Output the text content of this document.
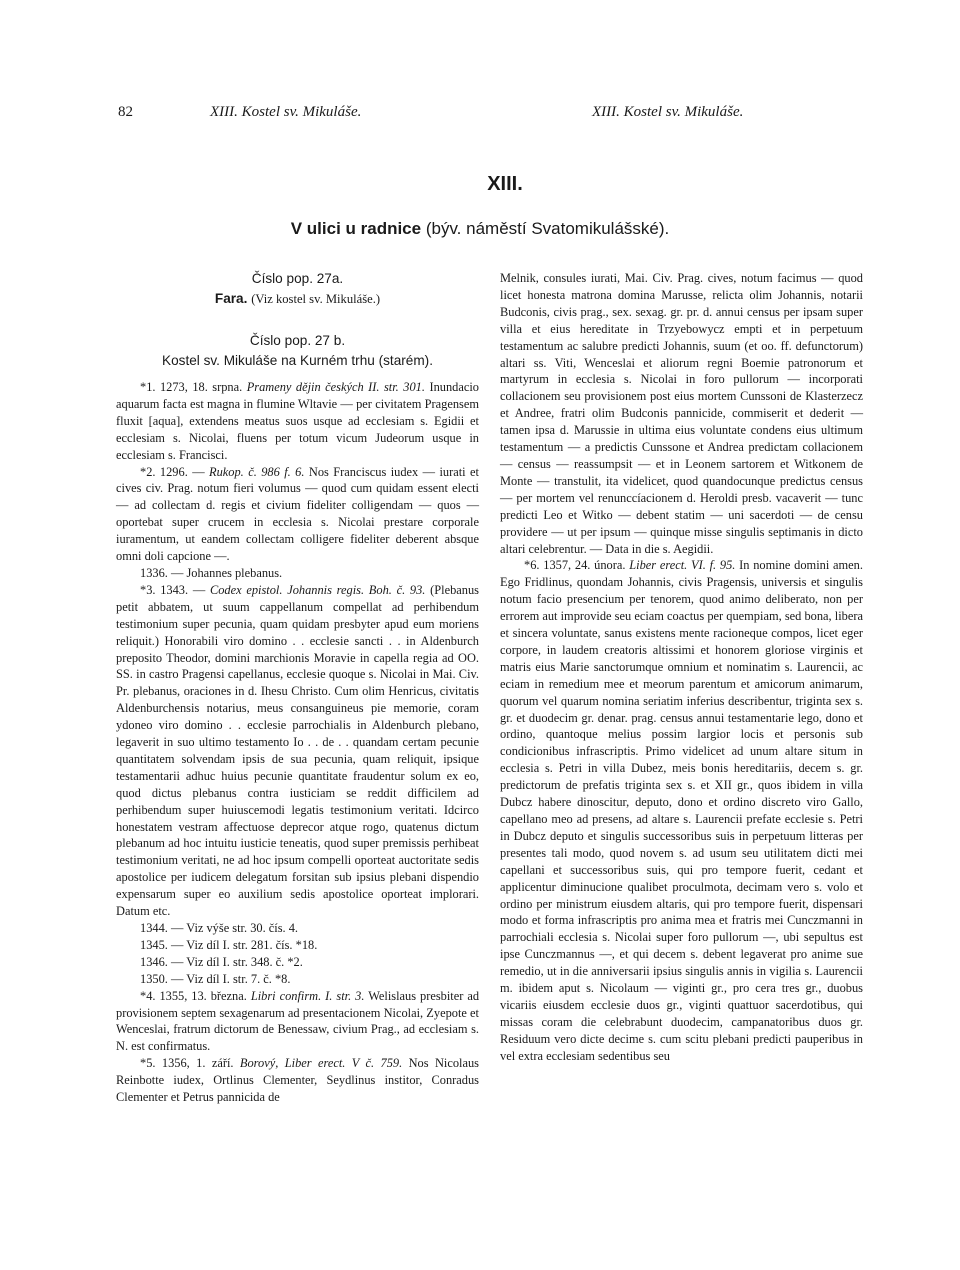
82	XIII. Kostel sv. Mikuláše.	XIII. Kostel sv. Mikuláše.
XIII.
V ulici u radnice (býv. náměstí Svatomikulášské).
Číslo pop. 27a.
Fara. (Viz kostel sv. Mikuláše.)
Číslo pop. 27 b.
Kostel sv. Mikuláše na Kurném trhu (starém).

*1. 1273, 18. srpna. Prameny dějin českých II. str. 301. Inundacio aquarum facta est magna in flumine Wltavie — per civitatem Pragensem fluxit [aqua], extendens meatus suos usque ad ecclesiam s. Egidii et ecclesiam s. Nicolai, fluens per totum vicum Judeorum usque in ecclesiam s. Francisci.

*2. 1296. — Rukop. č. 986 f. 6. Nos Franciscus iudex — iurati et cives civ. Prag. notum fieri volumus — quod cum quidam essent electi — ad collectam d. regis et civium fideliter colligendam — quos — oportebat super crucem in ecclesia s. Nicolai prestare corporale iuramentum, ut eandem collectam colligere fideliter deberent absque omni doli capcione —.

1336. — Johannes plebanus.

*3. 1343. — Codex epistol. Johannis regis. Boh. č. 93. (Plebanus petit abbatem, ut suum cappellanum compellat ad perhibendum testimonium super pecunia, quam quidam presbyter apud eum moriens reliquit.) Honorabili viro domino . . ecclesie sancti . . in Aldenburch preposito Theodor, domini marchionis Moravie in capella regia ad OO. SS. in castro Pragensi capellanus, ecclesie quoque s. Nicolai in Mai. Civ. Pr. plebanus, oraciones in d. Ihesu Christo. Cum olim Henricus, civitatis Aldenburchensis notarius, meus consanguineus pie memorie, coram ydoneo viro domino . . ecclesie parrochialis in Aldenburch plebano, legaverit in suo ultimo testamento Io . . de . . quandam certam pecunie quantitatem solvendam ipsis de sua pecunia, quam reliquit, ipsique testamentarii adhuc huius pecunie quantitate fraudentur solum ex eo, quod dictus plebanus contra iusticiam se reddit difficilem ad perhibendum super huiuscemodi legatis testimonium veritati. Idcirco honestatem vestram affectuose deprecor atque rogo, quatenus dictum plebanum ad hoc intuitu iusticie teneatis, quod super premissis perhibeat testimonium veritati, ne ad hoc ipsum compelli oporteat auctoritate sedis apostolice per iudicem delegatum forsitan sub ipsius plebani dispendio expensarum super eo auxilium sedis apostolice oporteat implorari. Datum etc.

1344. — Viz výše str. 30. čís. 4.
1345. — Viz díl I. str. 281. čís. *18.
1346. — Viz díl I. str. 348. č. *2.
1350. — Viz díl I. str. 7. č. *8.

*4. 1355, 13. března. Libri confirm. I. str. 3. Welislaus presbiter ad provisionem septem sexagenarum ad presentacionem Nicolai, Zyepote et Wenceslai, fratrum dictorum de Benessaw, civium Prag., ad ecclesiam s. N. est confirmatus.

*5. 1356, 1. září. Borový, Liber erect. V č. 759. Nos Nicolaus Reinbotte iudex, Ortlinus Clementer, Seydlinus institor, Conradus Clementer et Petrus pannicida de

Melnik, consules iurati, Mai. Civ. Prag. cives, notum facimus — quod licet honesta matrona domina Marusse, relicta olim Johannis, notarii Budconis, civis prag., sex. sexag. gr. pr. d. annui census per ipsam super villa et eius hereditate in Trzyebowycz empti et in perpetuum testamentum ac salubre predicti Johannis, suum (et oo. ff. defunctorum) altari ss. Viti, Wenceslai et aliorum regni Boemie patronorum et martyrum in ecclesia s. Nicolai in foro pullorum — incorporati collacionem seu provisionem post eius mortem Cunssoni de Klasterzecz et Andree, fratri olim Budconis pannicide, commiserit et dederit — tamen ipsa d. Marussie in ultima eius voluntate condens eius ultimum testamentum — a predictis Cunssone et Andrea predictam collacionem — census — reassumpsit — et in Leonem sartorem et Witkonem de Monte — transtulit, ita videlicet, quod quandocunque predictus census — per mortem vel renunccíacionem d. Heroldi presb. vacaverit — tunc predicti Leo et Witko — debent statim — uni sacerdoti — de censu providere — ut per ipsum — quinque misse singulis septimanis in dicto altari celebrentur. — Data in die s. Aegidii.

*6. 1357, 24. února. Liber erect. VI. f. 95. In nomine domini amen. Ego Fridlinus, quondam Johannis, civis Pragensis, universis et singulis notum facio presencium per tenorem, quod animo deliberato, non per errorem aut improvide seu eciam coactus per quempiam, sed bona, libera et sincera voluntate, sanus existens mente racioneque compos, licet eger corpore, in laudem creatoris altissimi et honorem gloriose virginis et matris eius Marie sanctorumque omnium et nominatim s. Laurencii, ac eciam in remedium mee et meorum parentum et amicorum animarum, quorum vel quarum nomina seriatim inferius describentur, triginta sex s. gr. et duodecim gr. denar. prag. census annui testamentarie lego, dono et ordino, quantoque melius possim largior locis et personis sub condicionibus infrascriptis. Primo videlicet ad unum altare situm in ecclesia s. Petri in villa Dubez, meis bonis hereditariis, decem s. gr. predictorum de prefatis triginta sex s. et XII gr., quos ibidem in villa Dubcz habere dinoscitur, deputo, dono et ordino discreto viro Gallo, capellano meo ad presens, ad altare s. Laurencii prefate ecclesie s. Petri in Dubcz deputo et singulis successoribus suis in perpetuum litteras per presentes tali modo, quod novem s. ad usum seu utilitatem dicti mei capellani et successoribus suis, qui pro tempore fuerit, cedant et applicentur diminucione qualibet proculmota, decimam vero s. volo et ordino per ministrum eiusdem altaris, qui pro tempore fuerit, dispensari modo et forma infrascriptis pro anima mea et fratris mei Cunczmanni in parrochiali ecclesia s. Nicolai super foro pullorum —, ubi sepultus est ipse Cunczmannus —, et qui decem s. debent legaverat pro anime sue remedio, ut in die anniversarii ipsius singulis annis in vigilia s. Laurencii m. ibidem aput s. Nicolaum — viginti gr., pro cera tres gr., duobus vicariis eiusdem ecclesie duos gr., viginti quattuor sacerdotibus, qui missas coram die celebrabunt duodecim, campanatoribus duos gr. Residuum vero dicte decime s. cum scitu plebani predicti pauperibus in vel extra ecclesiam sedentibus seu
